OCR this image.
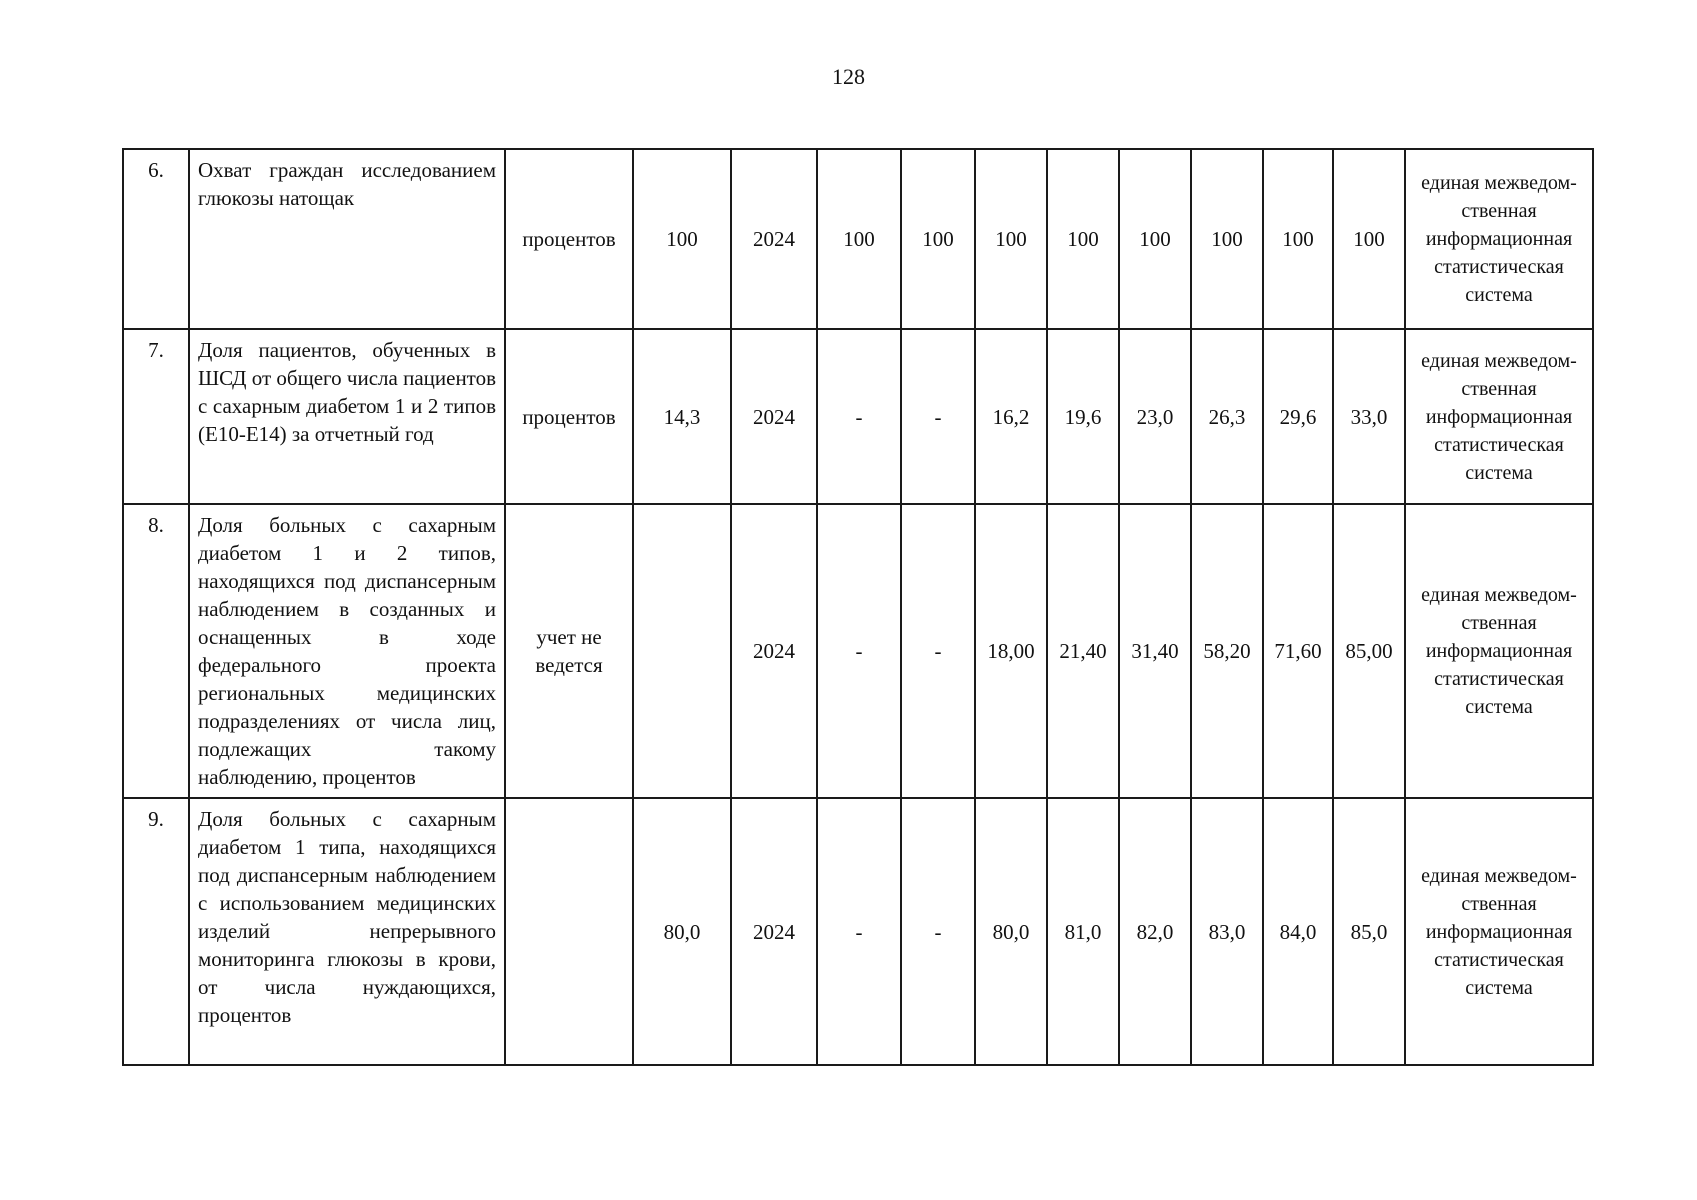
128
6.	Охват граждан исследованием глюкозы натощак	процентов	100	2024	100	100	100	100	100	100	100	100	единая межведом-ственная информационная статистическая система
7.	Доля пациентов, обученных в ШСД от общего числа пациентов с сахарным диабетом 1 и 2 типов (Е10-Е14) за отчетный год	процентов	14,3	2024	-	-	16,2	19,6	23,0	26,3	29,6	33,0	единая межведом-ственная информационная статистическая система
8.	Доля больных с сахарным диабетом 1 и 2 типов, находящихся под диспансерным наблюдением в созданных и оснащенных в ходе федерального проекта региональных медицинских подразделениях от числа лиц, подлежащих такому наблюдению, процентов	учет не ведется		2024	-	-	18,00	21,40	31,40	58,20	71,60	85,00	единая межведом-ственная информационная статистическая система
9.	Доля больных с сахарным диабетом 1 типа, находящихся под диспансерным наблюдением с использованием медицинских изделий непрерывного мониторинга глюкозы в крови, от числа нуждающихся, процентов		80,0	2024	-	-	80,0	81,0	82,0	83,0	84,0	85,0	единая межведом-ственная информационная статистическая система
